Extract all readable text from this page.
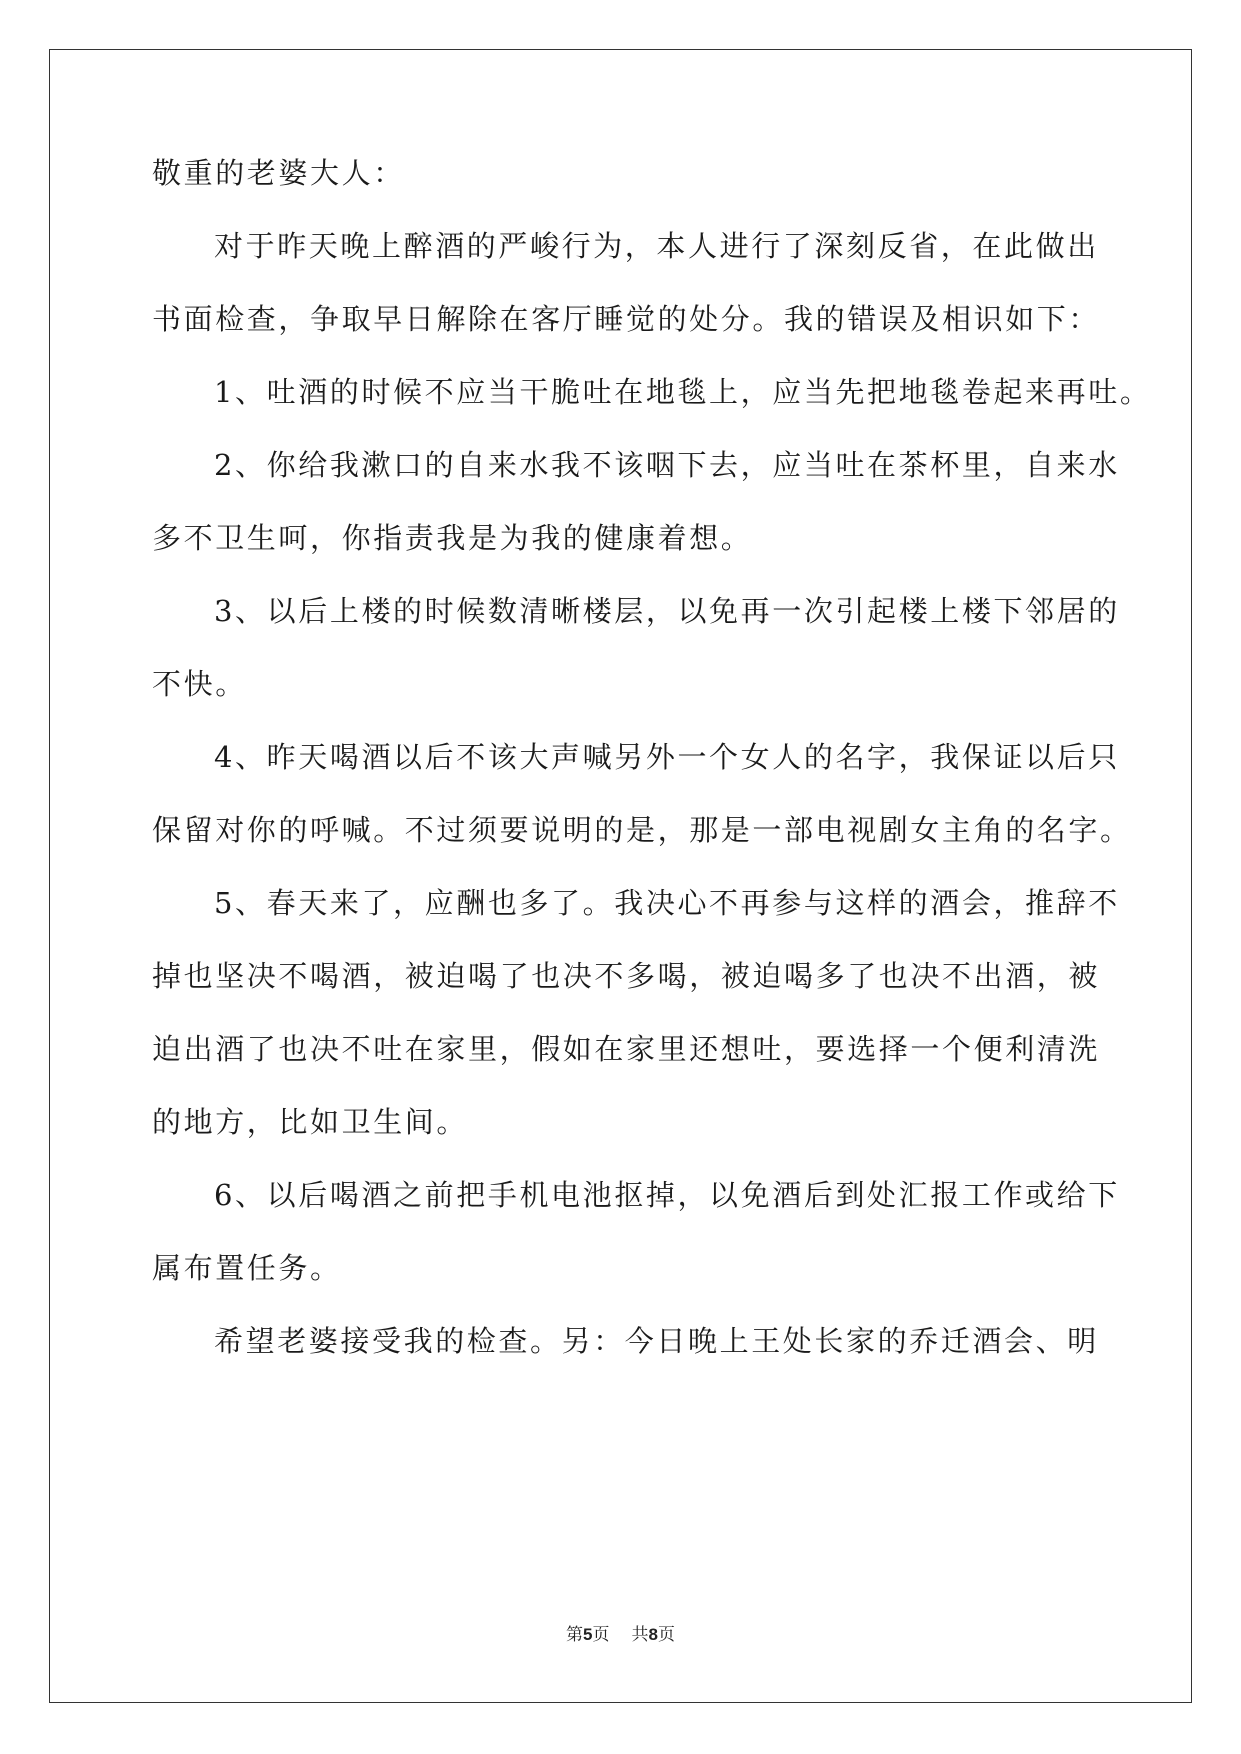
敬重的老婆大人：
对于昨天晚上醉酒的严峻行为，本人进行了深刻反省，在此做出
书面检查，争取早日解除在客厅睡觉的处分。我的错误及相识如下：
1、吐酒的时候不应当干脆吐在地毯上，应当先把地毯卷起来再吐。
2、你给我漱口的自来水我不该咽下去，应当吐在茶杯里，自来水
多不卫生呵，你指责我是为我的健康着想。
3、以后上楼的时候数清晰楼层，以免再一次引起楼上楼下邻居的
不快。
4、昨天喝酒以后不该大声喊另外一个女人的名字，我保证以后只
保留对你的呼喊。不过须要说明的是，那是一部电视剧女主角的名字。
5、春天来了，应酬也多了。我决心不再参与这样的酒会，推辞不
掉也坚决不喝酒，被迫喝了也决不多喝，被迫喝多了也决不出酒，被
迫出酒了也决不吐在家里，假如在家里还想吐，要选择一个便利清洗
的地方，比如卫生间。
6、以后喝酒之前把手机电池抠掉，以免酒后到处汇报工作或给下
属布置任务。
希望老婆接受我的检查。另：今日晚上王处长家的乔迁酒会、明
第5页 共8页
